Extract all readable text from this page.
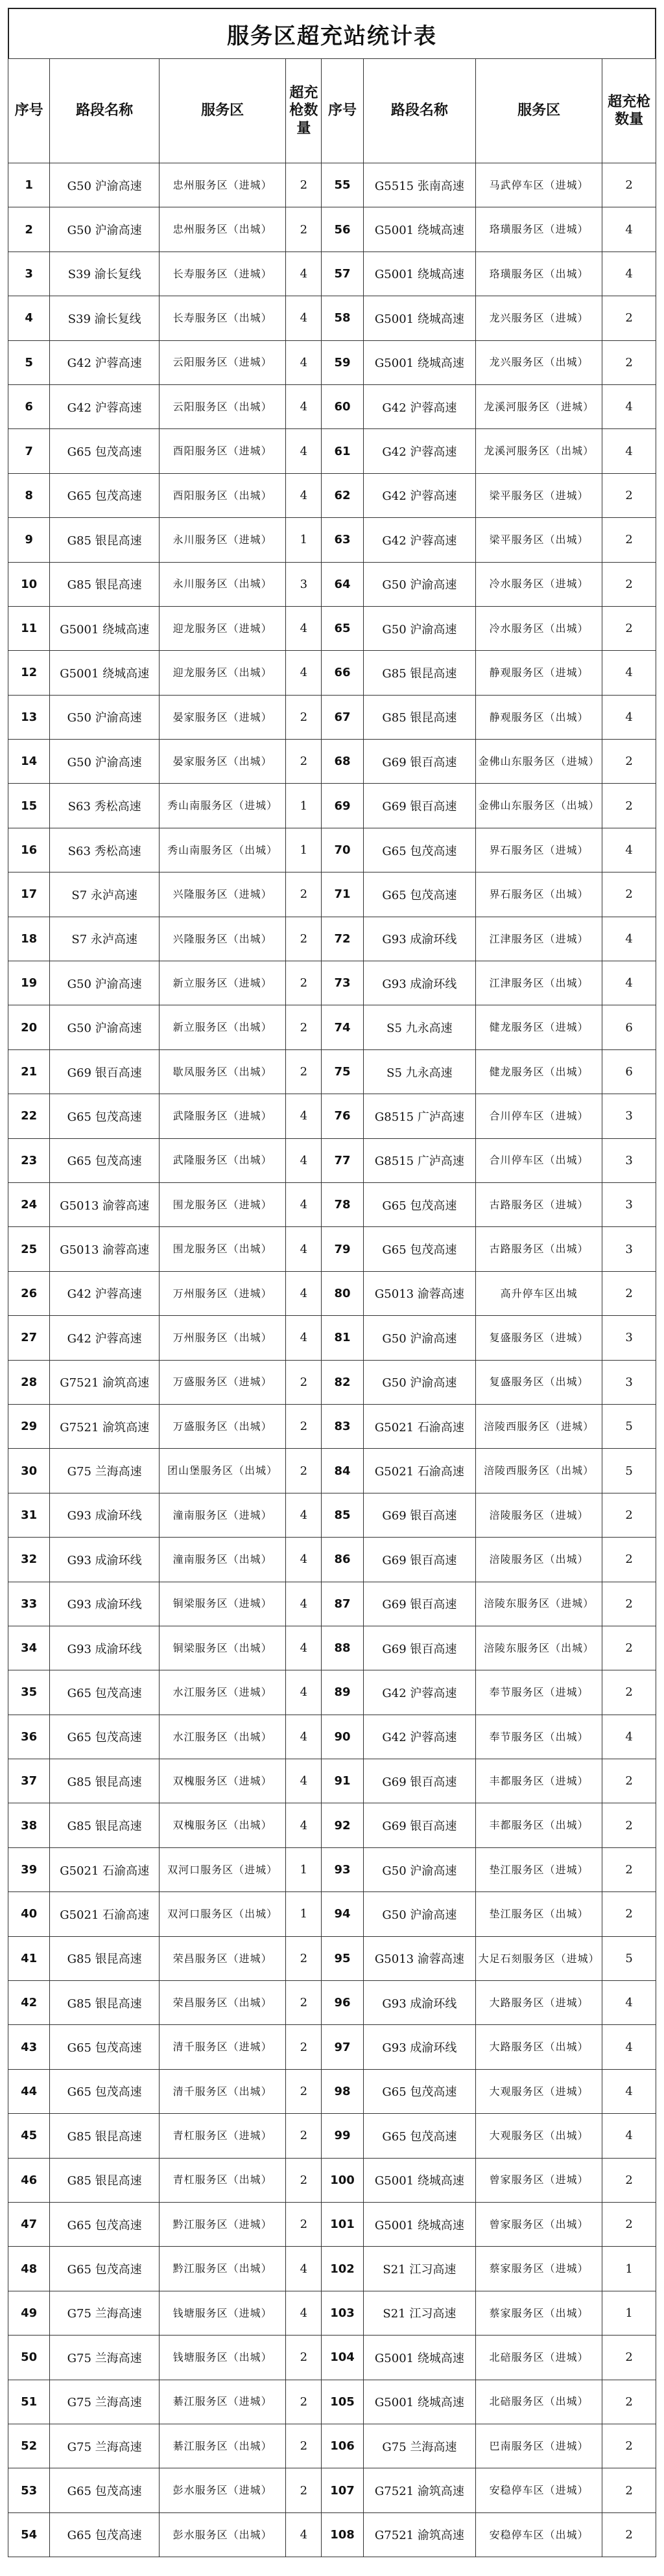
服务区超充站统计表
序号	路段名称	服务区	超充枪数量	序号	路段名称	服务区	超充枪数量
1	G50 沪渝高速	忠州服务区（进城）	2	55	G5515 张南高速	马武停车区（进城）	2
2	G50 沪渝高速	忠州服务区（出城）	2	56	G5001 绕城高速	珞璜服务区（进城）	4
3	S39 渝长复线	长寿服务区（进城）	4	57	G5001 绕城高速	珞璜服务区（出城）	4
4	S39 渝长复线	长寿服务区（出城）	4	58	G5001 绕城高速	龙兴服务区（进城）	2
5	G42 沪蓉高速	云阳服务区（进城）	4	59	G5001 绕城高速	龙兴服务区（出城）	2
6	G42 沪蓉高速	云阳服务区（出城）	4	60	G42 沪蓉高速	龙溪河服务区（进城）	4
7	G65 包茂高速	酉阳服务区（进城）	4	61	G42 沪蓉高速	龙溪河服务区（出城）	4
8	G65 包茂高速	酉阳服务区（出城）	4	62	G42 沪蓉高速	梁平服务区（进城）	2
9	G85 银昆高速	永川服务区（进城）	1	63	G42 沪蓉高速	梁平服务区（出城）	2
10	G85 银昆高速	永川服务区（出城）	3	64	G50 沪渝高速	冷水服务区（进城）	2
11	G5001 绕城高速	迎龙服务区（进城）	4	65	G50 沪渝高速	冷水服务区（出城）	2
12	G5001 绕城高速	迎龙服务区（出城）	4	66	G85 银昆高速	静观服务区（进城）	4
13	G50 沪渝高速	晏家服务区（进城）	2	67	G85 银昆高速	静观服务区（出城）	4
14	G50 沪渝高速	晏家服务区（出城）	2	68	G69 银百高速	金佛山东服务区（进城）	2
15	S63 秀松高速	秀山南服务区（进城）	1	69	G69 银百高速	金佛山东服务区（出城）	2
16	S63 秀松高速	秀山南服务区（出城）	1	70	G65 包茂高速	界石服务区（进城）	4
17	S7 永泸高速	兴隆服务区（进城）	2	71	G65 包茂高速	界石服务区（出城）	2
18	S7 永泸高速	兴隆服务区（出城）	2	72	G93 成渝环线	江津服务区（进城）	4
19	G50 沪渝高速	新立服务区（进城）	2	73	G93 成渝环线	江津服务区（出城）	4
20	G50 沪渝高速	新立服务区（出城）	2	74	S5 九永高速	健龙服务区（进城）	6
21	G69 银百高速	歇凤服务区（出城）	2	75	S5 九永高速	健龙服务区（出城）	6
22	G65 包茂高速	武隆服务区（进城）	4	76	G8515 广泸高速	合川停车区（进城）	3
23	G65 包茂高速	武隆服务区（出城）	4	77	G8515 广泸高速	合川停车区（出城）	3
24	G5013 渝蓉高速	围龙服务区（进城）	4	78	G65 包茂高速	古路服务区（进城）	3
25	G5013 渝蓉高速	围龙服务区（出城）	4	79	G65 包茂高速	古路服务区（出城）	3
26	G42 沪蓉高速	万州服务区（进城）	4	80	G5013 渝蓉高速	高升停车区出城	2
27	G42 沪蓉高速	万州服务区（出城）	4	81	G50 沪渝高速	复盛服务区（进城）	3
28	G7521 渝筑高速	万盛服务区（进城）	2	82	G50 沪渝高速	复盛服务区（出城）	3
29	G7521 渝筑高速	万盛服务区（出城）	2	83	G5021 石渝高速	涪陵西服务区（进城）	5
30	G75 兰海高速	团山堡服务区（出城）	2	84	G5021 石渝高速	涪陵西服务区（出城）	5
31	G93 成渝环线	潼南服务区（进城）	4	85	G69 银百高速	涪陵服务区（进城）	2
32	G93 成渝环线	潼南服务区（出城）	4	86	G69 银百高速	涪陵服务区（出城）	2
33	G93 成渝环线	铜梁服务区（进城）	4	87	G69 银百高速	涪陵东服务区（进城）	2
34	G93 成渝环线	铜梁服务区（出城）	4	88	G69 银百高速	涪陵东服务区（出城）	2
35	G65 包茂高速	水江服务区（进城）	4	89	G42 沪蓉高速	奉节服务区（进城）	2
36	G65 包茂高速	水江服务区（出城）	4	90	G42 沪蓉高速	奉节服务区（出城）	4
37	G85 银昆高速	双槐服务区（进城）	4	91	G69 银百高速	丰都服务区（进城）	2
38	G85 银昆高速	双槐服务区（出城）	4	92	G69 银百高速	丰都服务区（出城）	2
39	G5021 石渝高速	双河口服务区（进城）	1	93	G50 沪渝高速	垫江服务区（进城）	2
40	G5021 石渝高速	双河口服务区（出城）	1	94	G50 沪渝高速	垫江服务区（出城）	2
41	G85 银昆高速	荣昌服务区（进城）	2	95	G5013 渝蓉高速	大足石刻服务区（进城）	5
42	G85 银昆高速	荣昌服务区（出城）	2	96	G93 成渝环线	大路服务区（进城）	4
43	G65 包茂高速	清千服务区（进城）	2	97	G93 成渝环线	大路服务区（出城）	4
44	G65 包茂高速	清千服务区（出城）	2	98	G65 包茂高速	大观服务区（进城）	4
45	G85 银昆高速	青杠服务区（进城）	2	99	G65 包茂高速	大观服务区（出城）	4
46	G85 银昆高速	青杠服务区（出城）	2	100	G5001 绕城高速	曾家服务区（进城）	2
47	G65 包茂高速	黔江服务区（进城）	2	101	G5001 绕城高速	曾家服务区（出城）	2
48	G65 包茂高速	黔江服务区（出城）	4	102	S21 江习高速	蔡家服务区（进城）	1
49	G75 兰海高速	钱塘服务区（进城）	4	103	S21 江习高速	蔡家服务区（出城）	1
50	G75 兰海高速	钱塘服务区（出城）	2	104	G5001 绕城高速	北碚服务区（进城）	2
51	G75 兰海高速	綦江服务区（进城）	2	105	G5001 绕城高速	北碚服务区（出城）	2
52	G75 兰海高速	綦江服务区（出城）	2	106	G75 兰海高速	巴南服务区（进城）	2
53	G65 包茂高速	彭水服务区（进城）	2	107	G7521 渝筑高速	安稳停车区（进城）	2
54	G65 包茂高速	彭水服务区（出城）	4	108	G7521 渝筑高速	安稳停车区（出城）	2
